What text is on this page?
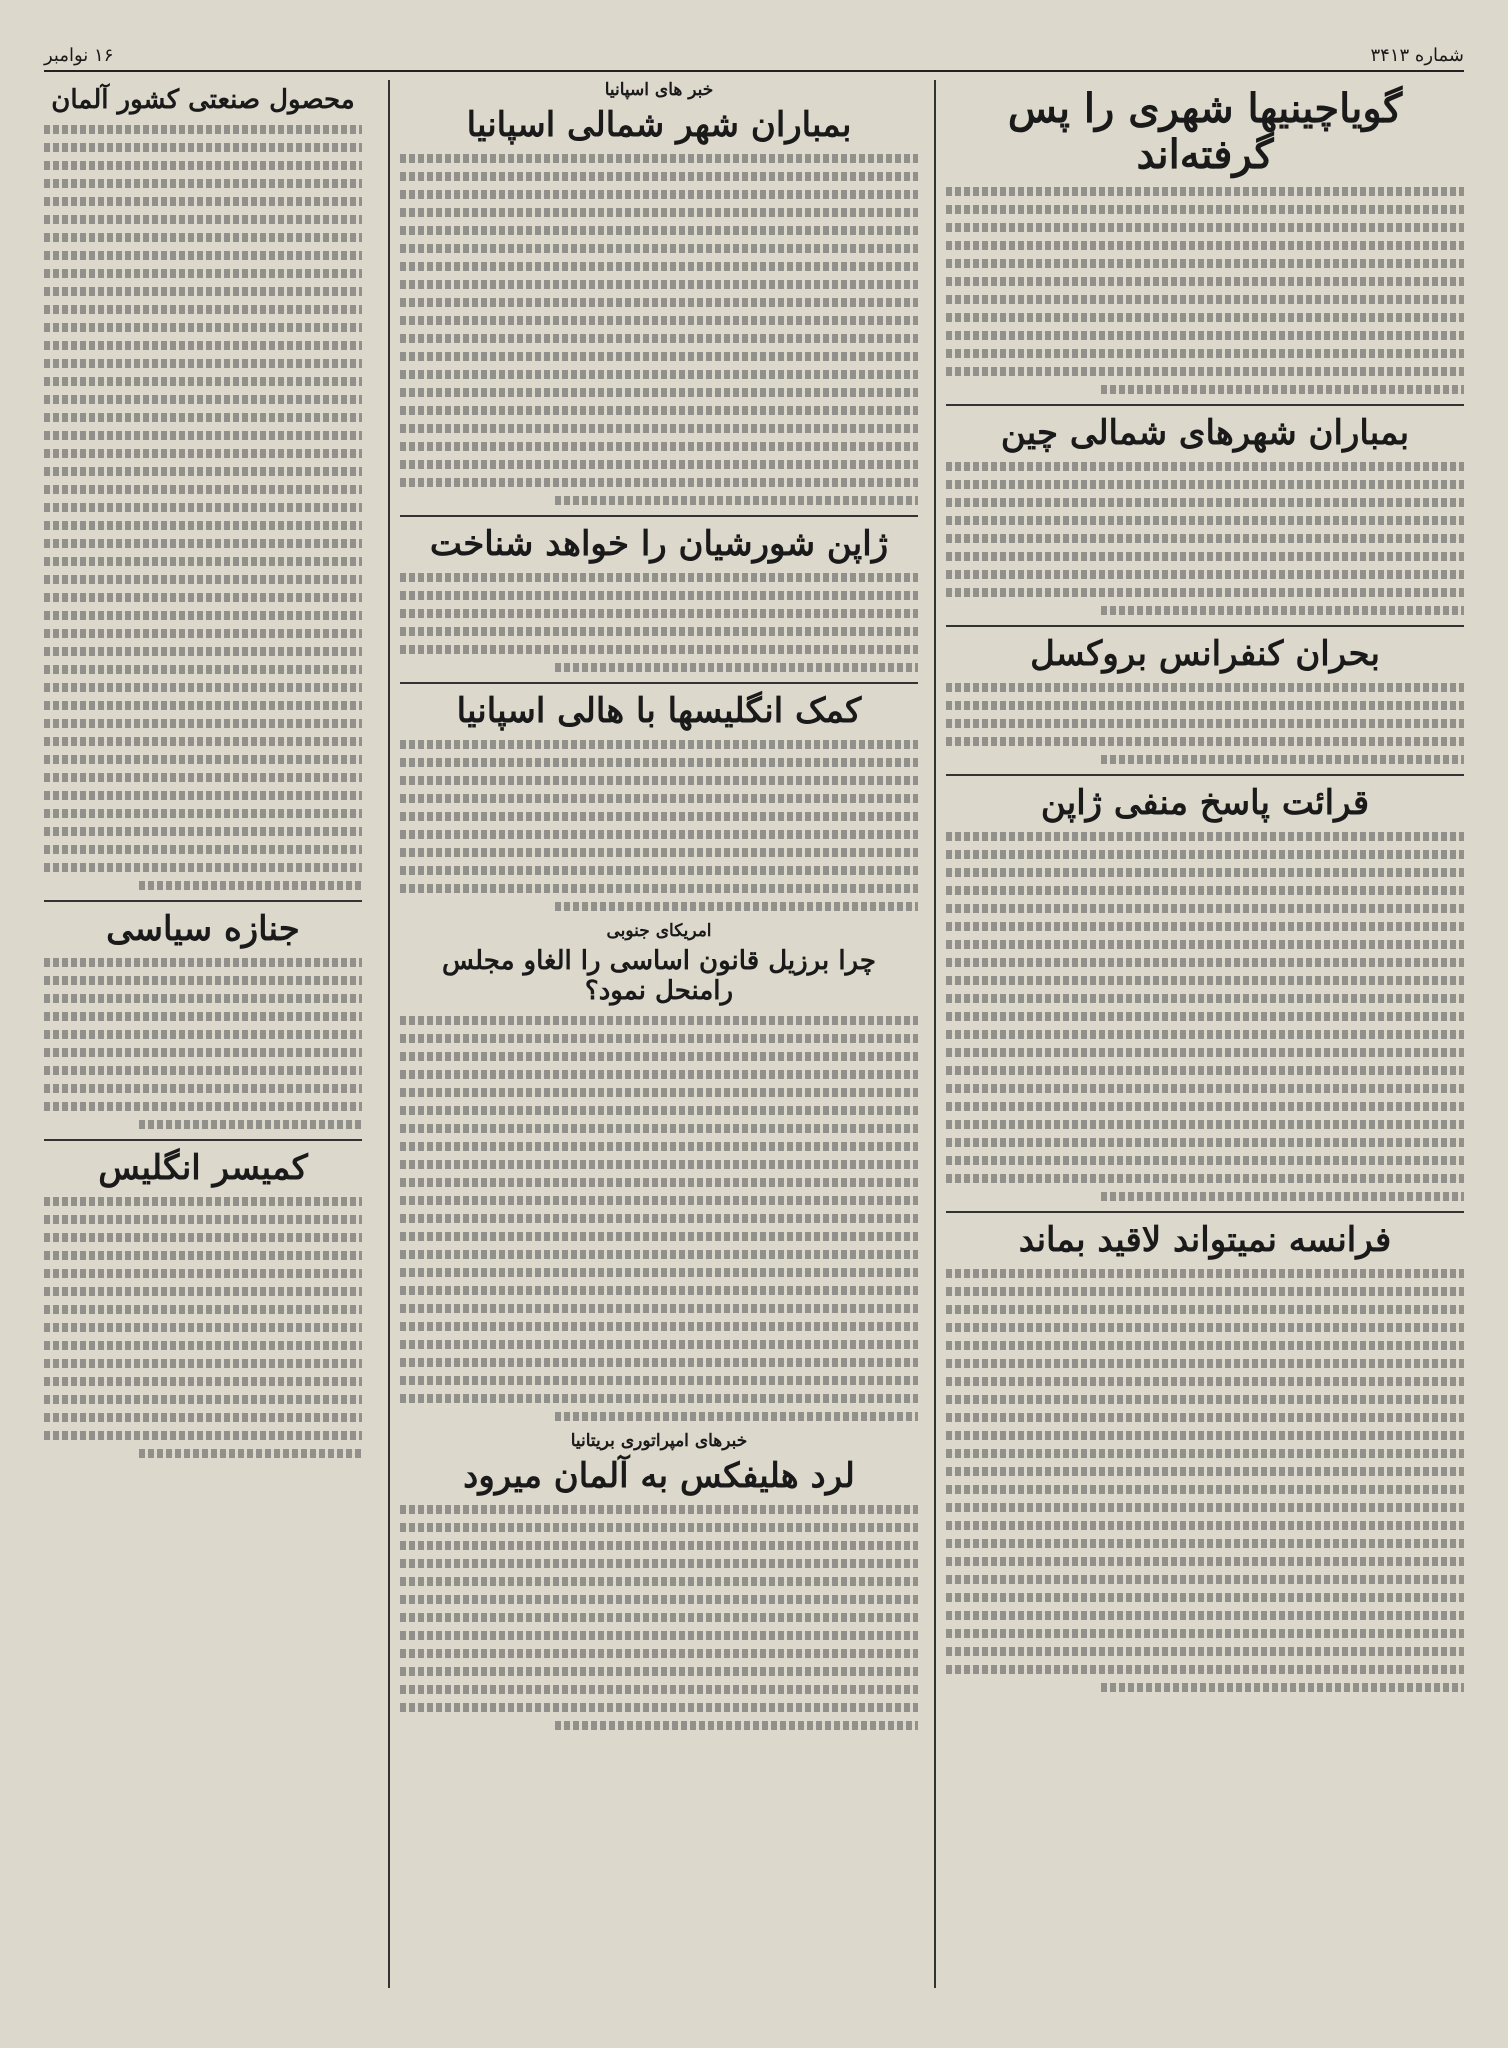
شماره ۳۴۱۳
۱۶ نوامبر
گویاچینیها شهری را پس گرفته‌اند
بمباران شهرهای شمالی چین
بحران کنفرانس بروکسل
قرائت پاسخ منفی ژاپن
فرانسه نمیتواند لاقید بماند
خبر های اسپانیا
بمباران شهر شمالی اسپانیا
ژاپن شورشیان را خواهد شناخت
کمک انگلیسها با هالی اسپانیا
امریکای جنوبی
چرا برزیل قانون اساسی را الغاو مجلس رامنحل نمود؟
خبرهای امپراتوری بریتانیا
لرد هلیفکس به آلمان میرود
محصول صنعتی کشور آلمان
جنازه سیاسی
کمیسر انگلیس
